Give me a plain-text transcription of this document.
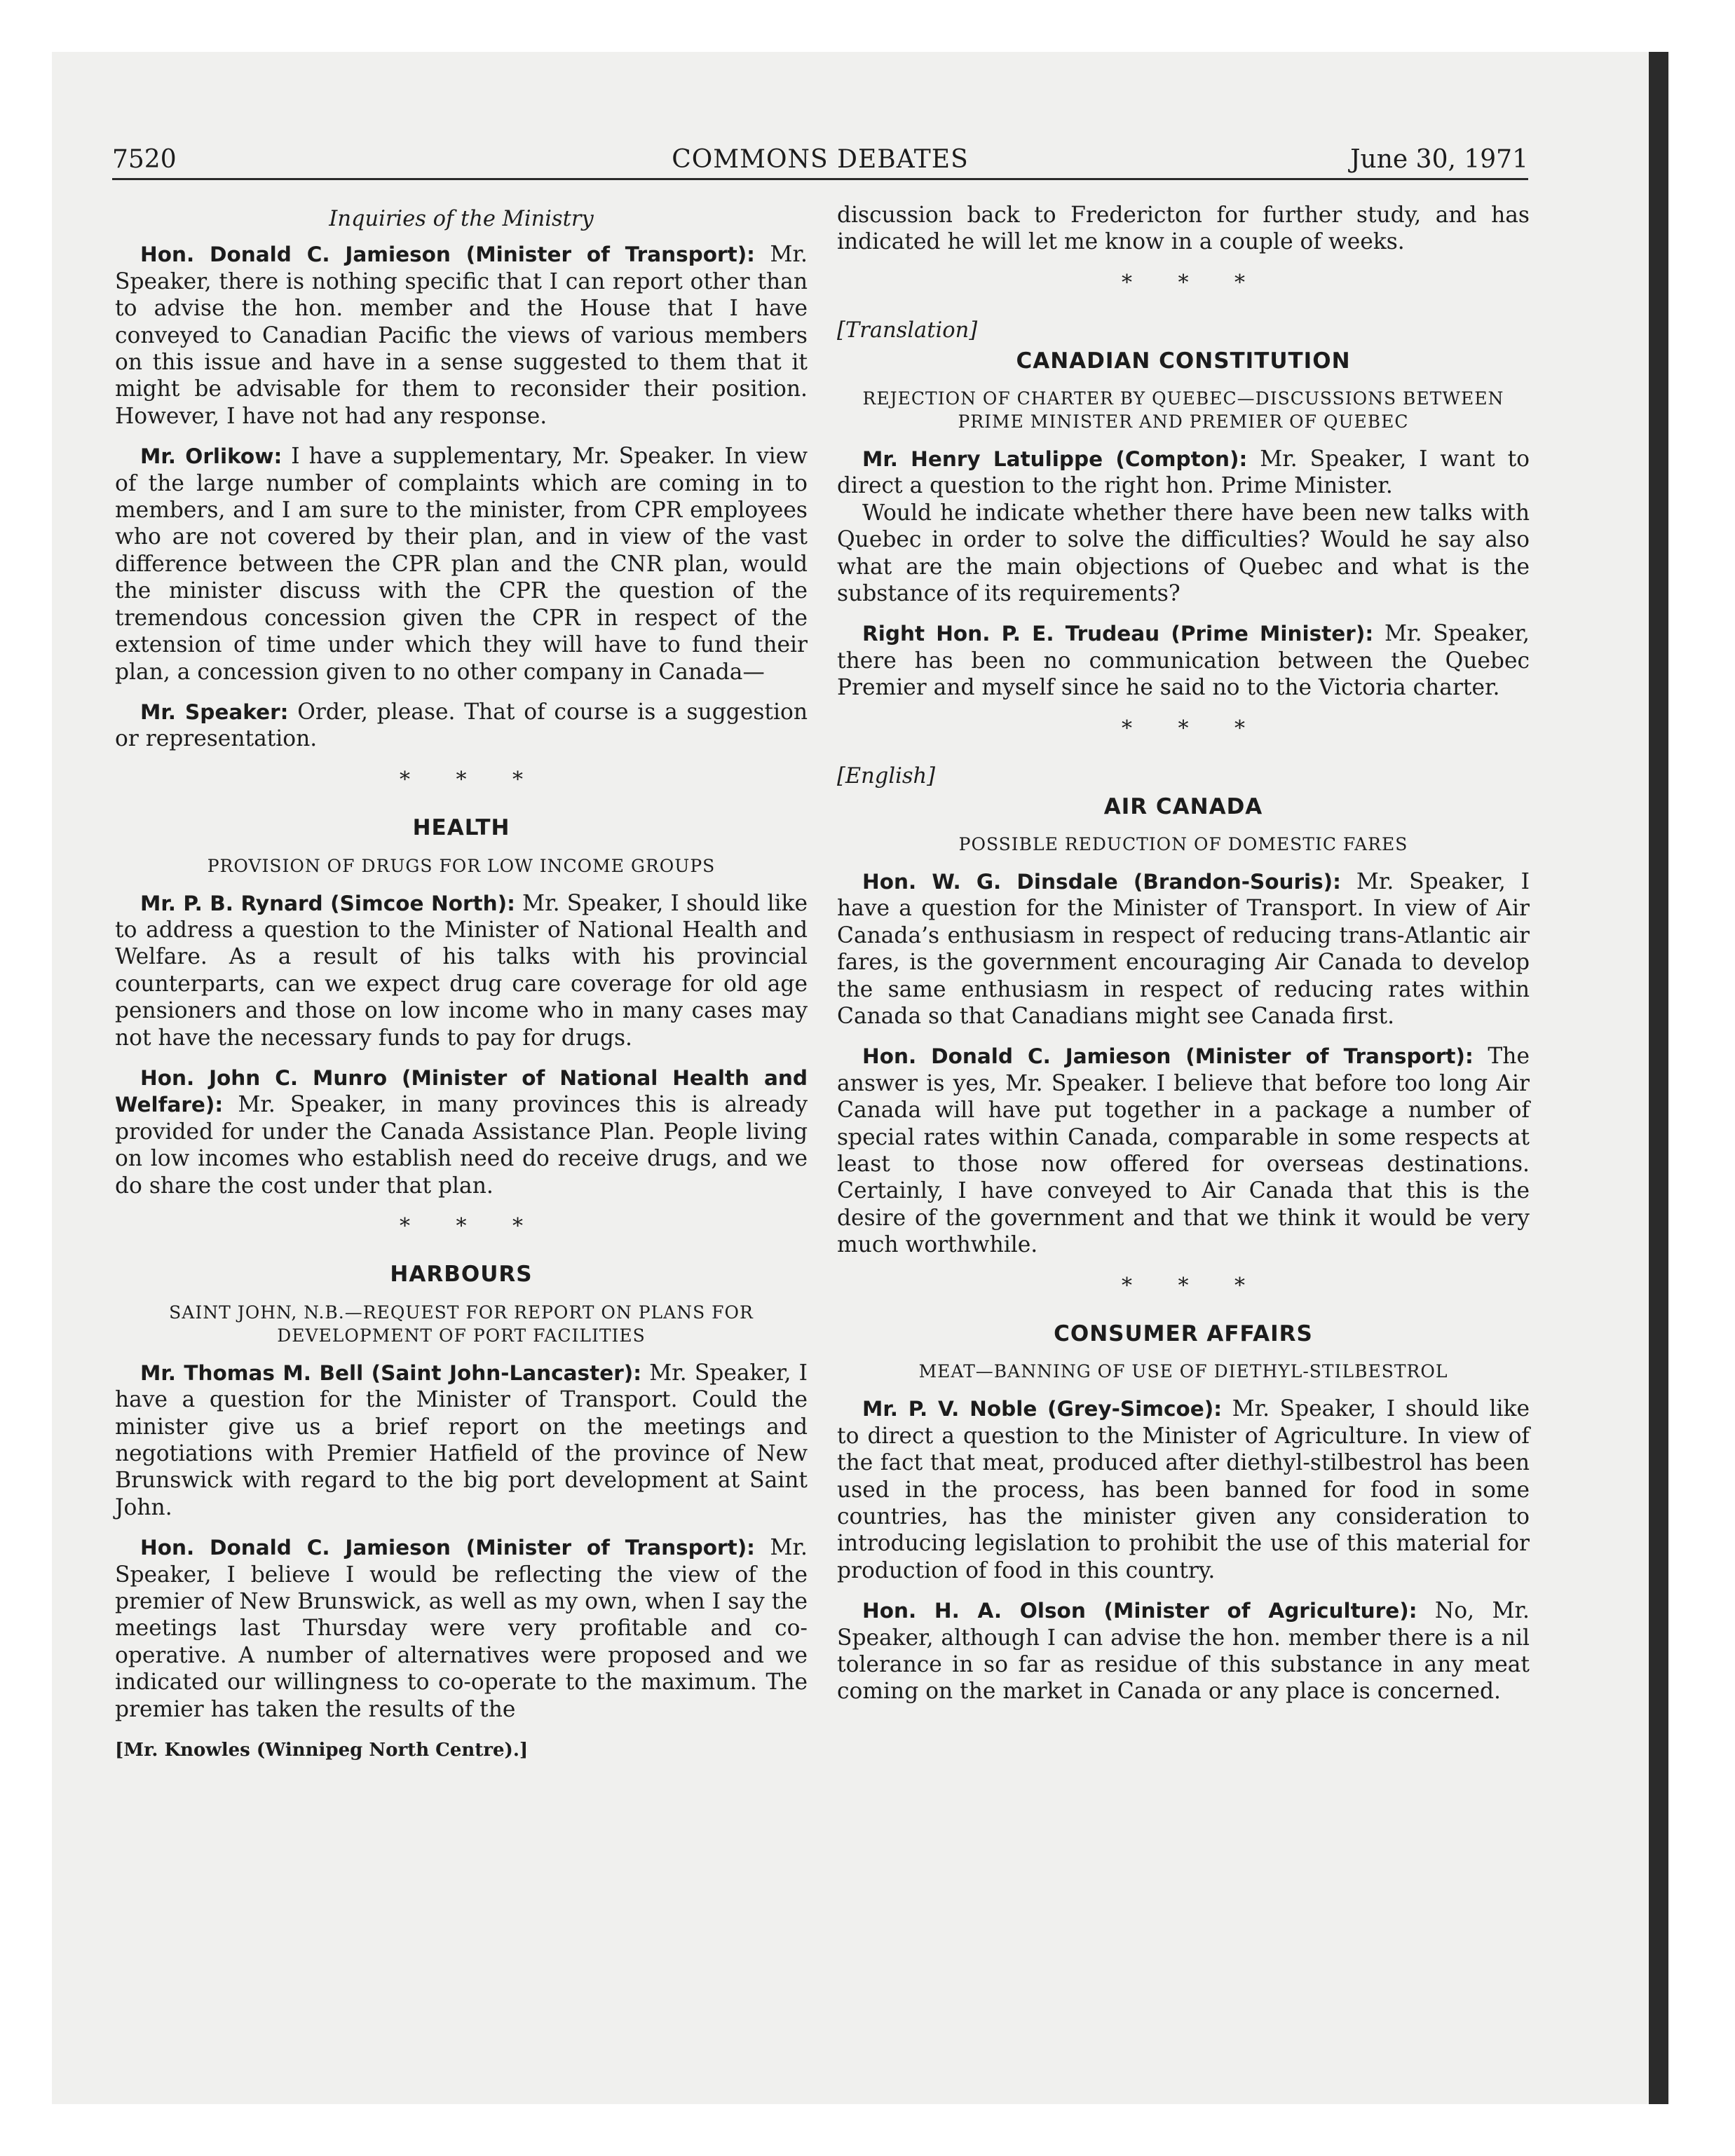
7520	COMMONS DEBATES	June 30, 1971
Inquiries of the Ministry

Hon. Donald C. Jamieson (Minister of Transport): Mr. Speaker, there is nothing specific that I can report other than to advise the hon. member and the House that I have conveyed to Canadian Pacific the views of various members on this issue and have in a sense suggested to them that it might be advisable for them to reconsider their position. However, I have not had any response.

Mr. Orlikow: I have a supplementary, Mr. Speaker. In view of the large number of complaints which are coming in to members, and I am sure to the minister, from CPR employees who are not covered by their plan, and in view of the vast difference between the CPR plan and the CNR plan, would the minister discuss with the CPR the question of the tremendous concession given the CPR in respect of the extension of time under which they will have to fund their plan, a concession given to no other company in Canada—

Mr. Speaker: Order, please. That of course is a suggestion or representation.

* * *
HEALTH
PROVISION OF DRUGS FOR LOW INCOME GROUPS

Mr. P. B. Rynard (Simcoe North): Mr. Speaker, I should like to address a question to the Minister of National Health and Welfare. As a result of his talks with his provincial counterparts, can we expect drug care coverage for old age pensioners and those on low income who in many cases may not have the necessary funds to pay for drugs.

Hon. John C. Munro (Minister of National Health and Welfare): Mr. Speaker, in many provinces this is already provided for under the Canada Assistance Plan. People living on low incomes who establish need do receive drugs, and we do share the cost under that plan.

* * *
HARBOURS
SAINT JOHN, N.B.—REQUEST FOR REPORT ON PLANS FOR DEVELOPMENT OF PORT FACILITIES

Mr. Thomas M. Bell (Saint John-Lancaster): Mr. Speaker, I have a question for the Minister of Transport. Could the minister give us a brief report on the meetings and negotiations with Premier Hatfield of the province of New Brunswick with regard to the big port development at Saint John.

Hon. Donald C. Jamieson (Minister of Transport): Mr. Speaker, I believe I would be reflecting the view of the premier of New Brunswick, as well as my own, when I say the meetings last Thursday were very profitable and co-operative. A number of alternatives were proposed and we indicated our willingness to co-operate to the maximum. The premier has taken the results of the

[Mr. Knowles (Winnipeg North Centre).]

discussion back to Fredericton for further study, and has indicated he will let me know in a couple of weeks.

* * *
[Translation]
CANADIAN CONSTITUTION
REJECTION OF CHARTER BY QUEBEC—DISCUSSIONS BETWEEN PRIME MINISTER AND PREMIER OF QUEBEC

Mr. Henry Latulippe (Compton): Mr. Speaker, I want to direct a question to the right hon. Prime Minister.

Would he indicate whether there have been new talks with Quebec in order to solve the difficulties? Would he say also what are the main objections of Quebec and what is the substance of its requirements?

Right Hon. P. E. Trudeau (Prime Minister): Mr. Speaker, there has been no communication between the Quebec Premier and myself since he said no to the Victoria charter.

* * *
[English]
AIR CANADA
POSSIBLE REDUCTION OF DOMESTIC FARES

Hon. W. G. Dinsdale (Brandon-Souris): Mr. Speaker, I have a question for the Minister of Transport. In view of Air Canada’s enthusiasm in respect of reducing trans-Atlantic air fares, is the government encouraging Air Canada to develop the same enthusiasm in respect of reducing rates within Canada so that Canadians might see Canada first.

Hon. Donald C. Jamieson (Minister of Transport): The answer is yes, Mr. Speaker. I believe that before too long Air Canada will have put together in a package a number of special rates within Canada, comparable in some respects at least to those now offered for overseas destinations. Certainly, I have conveyed to Air Canada that this is the desire of the government and that we think it would be very much worthwhile.

* * *
CONSUMER AFFAIRS
MEAT—BANNING OF USE OF DIETHYL-STILBESTROL

Mr. P. V. Noble (Grey-Simcoe): Mr. Speaker, I should like to direct a question to the Minister of Agriculture. In view of the fact that meat, produced after diethyl-stilbestrol has been used in the process, has been banned for food in some countries, has the minister given any consideration to introducing legislation to prohibit the use of this material for production of food in this country.

Hon. H. A. Olson (Minister of Agriculture): No, Mr. Speaker, although I can advise the hon. member there is a nil tolerance in so far as residue of this substance in any meat coming on the market in Canada or any place is concerned.
